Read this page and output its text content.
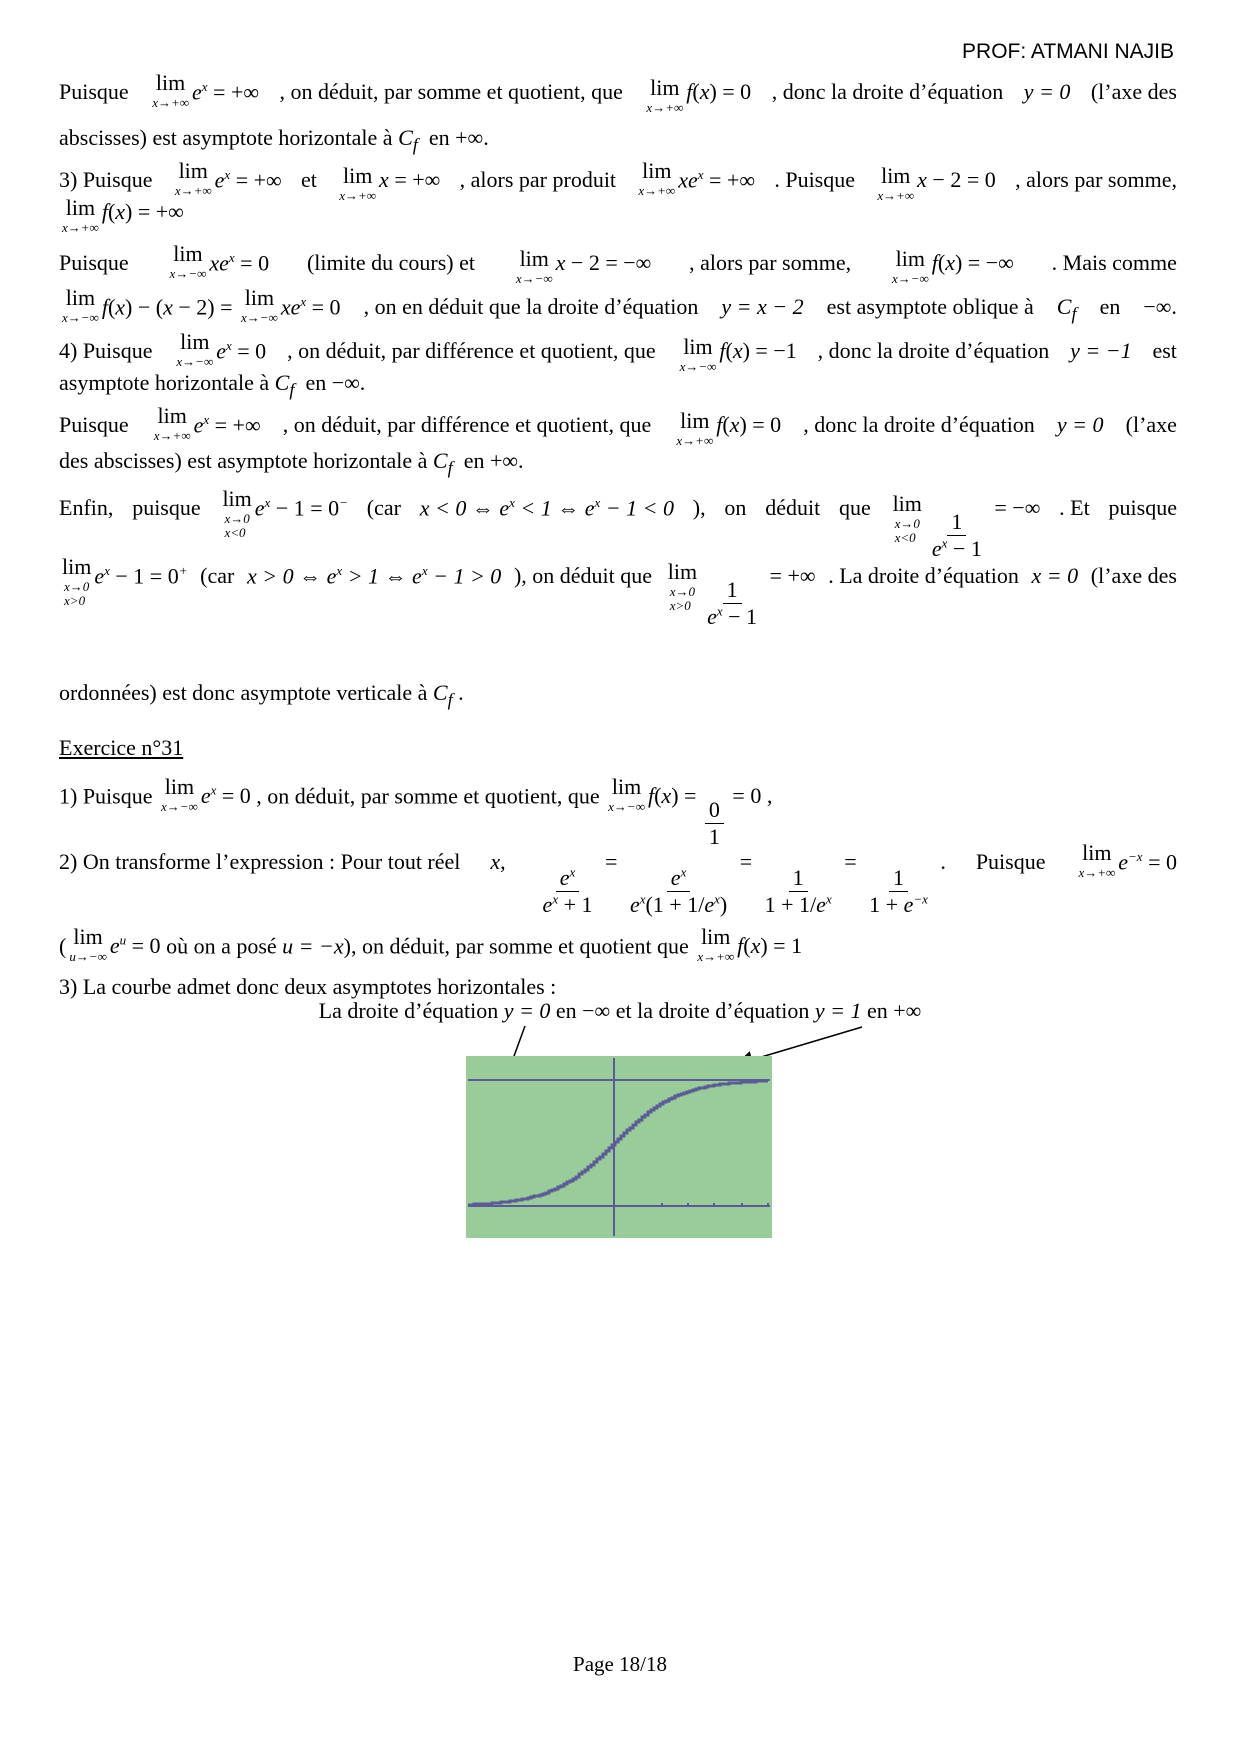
PROF: ATMANI NAJIB
Puisque lim
x→+∞ $e^x$ = +∞ , on déduit, par somme et quotient, que lim
x→+∞
f(x) = 0 , donc la droite d’équation y = 0 (l’axe des
abscisses) est asymptote horizontale à $C_f$ en +∞.
3) Puisque lim
x→+∞ $e^x$ = +∞ et lim
x→+∞
x = +∞ , alors par produit lim
x→+∞ $xe^x$ = +∞ . Puisque lim
x→+∞
x − 2 = 0 , alors par somme,
lim
x→+∞
f(x) = +∞
Puisque lim
x→−∞ $xe^x = 0$ (limite du cours) et lim
x→−∞
x − 2 = −∞ , alors par somme, lim
x→−∞
f(x) = −∞ . Mais comme
lim
x→−∞ f(x) − (x − 2) = lim
x→−∞ $xe^x = 0$ , on en déduit que la droite d’équation y = x − 2 est asymptote oblique à $C_f$ en −∞.
4) Puisque lim
x→−∞ $e^x = 0$ , on déduit, par différence et quotient, que lim
x→−∞
f(x) = −1 , donc la droite d’équation y = −1 est
asymptote horizontale à $C_f$ en −∞.
Puisque lim
x→+∞ $e^x$ = +∞ , on déduit, par différence et quotient, que lim
x→+∞
f(x) = 0 , donc la droite d’équation y = 0 (l’axe
des abscisses) est asymptote horizontale à $C_f$ en +∞.
Enfin, puisque lim
x→0
x<0
$e^x - 1 = 0^-$ (car x < 0 ⇔ $e^x < 1$ ⇔ $e^x - 1 < 0$ ), on déduit que lim
x→0
$x<0 \frac{1}{e^x - 1}$
= −∞ . Et puisque
lim
x→0
x>0
$e^x - 1 = 0^+$ (car x > 0 ⇔ $e^x > 1$ ⇔ $e^x - 1 > 0$ ), on déduit que lim
x→0
$x>0 \frac{1}{e^x - 1}$
= +∞ . La droite d’équation x = 0 (l’axe des
ordonnées) est donc asymptote verticale à $C_f$ .
Exercice n°31
1) Puisque lim
x→−∞ $e^x = 0$ , on déduit, par somme et quotient, que lim
x→−∞ f(x) =
$\frac{0}{1}$
= 0 ,
2) On transforme l’expression : Pour tout réel x,
$\frac{e^x}{e^x + 1}$
=
$\frac{e^x}{e^x(1 + 1/e^x)}$
=
$\frac{1}{1 + 1/e^x}$
=
$\frac{1}{1 + e^{-x}}$
. Puisque lim
x→+∞ $e^{-x} = 0$
( lim
u→−∞ $e^u = 0$ où on a posé u = −x), on déduit, par somme et quotient que lim
x→+∞ f(x) = 1
3) La courbe admet donc deux asymptotes horizontales :
La droite d’équation y = 0 en −∞ et la droite d’équation y = 1 en +∞
Page 18/18
